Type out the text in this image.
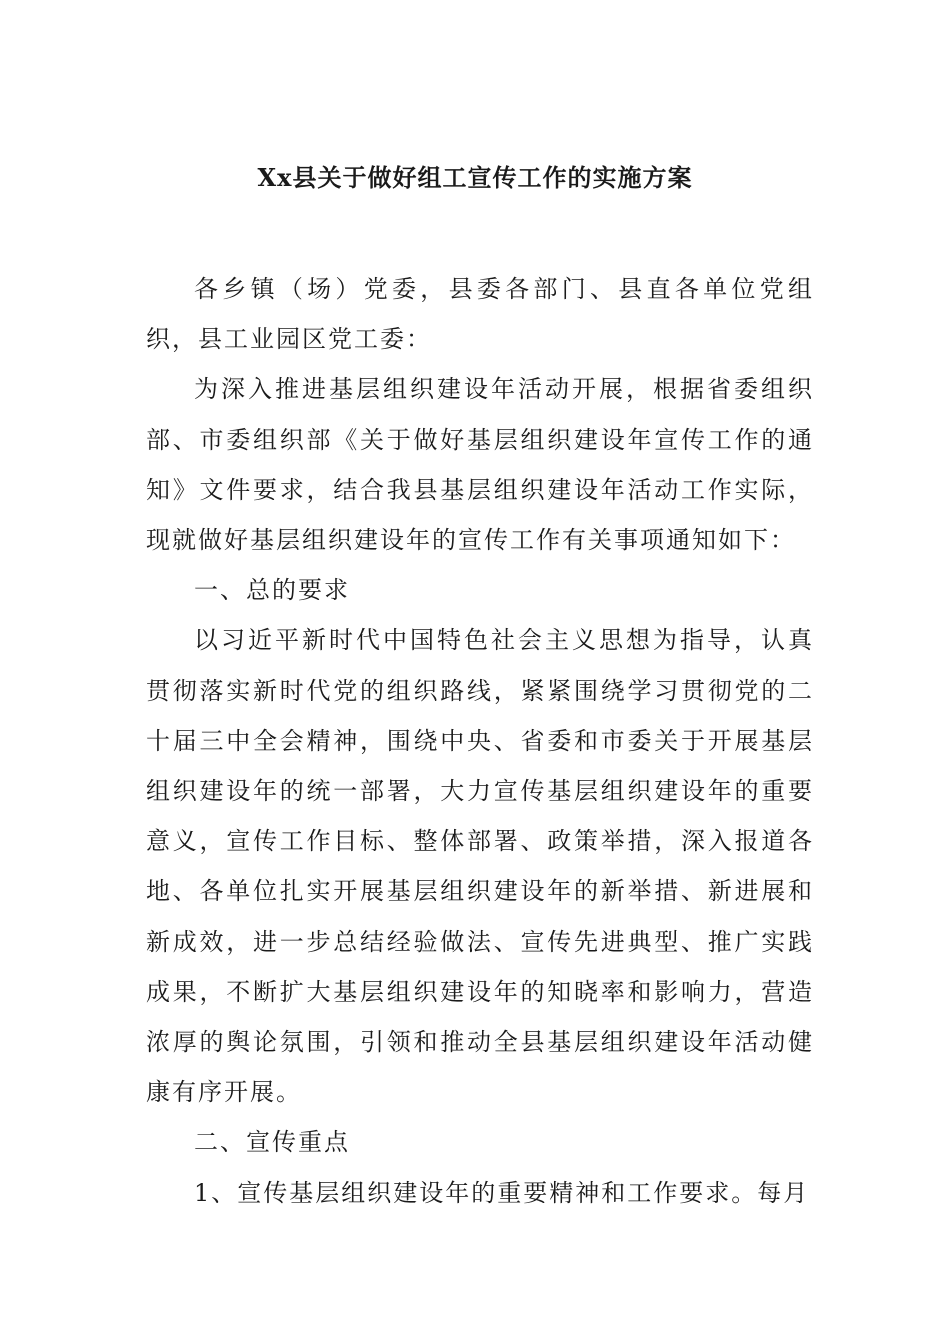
Xx县关于做好组工宣传工作的实施方案

各乡镇（场）党委，县委各部门、县直各单位党组织，县工业园区党工委：

为深入推进基层组织建设年活动开展，根据省委组织部、市委组织部《关于做好基层组织建设年宣传工作的通知》文件要求，结合我县基层组织建设年活动工作实际，现就做好基层组织建设年的宣传工作有关事项通知如下：

一、总的要求

以习近平新时代中国特色社会主义思想为指导，认真贯彻落实新时代党的组织路线，紧紧围绕学习贯彻党的二十届三中全会精神，围绕中央、省委和市委关于开展基层组织建设年的统一部署，大力宣传基层组织建设年的重要意义，宣传工作目标、整体部署、政策举措，深入报道各地、各单位扎实开展基层组织建设年的新举措、新进展和新成效，进一步总结经验做法、宣传先进典型、推广实践成果，不断扩大基层组织建设年的知晓率和影响力，营造浓厚的舆论氛围，引领和推动全县基层组织建设年活动健康有序开展。

二、宣传重点

1、宣传基层组织建设年的重要精神和工作要求。每月
